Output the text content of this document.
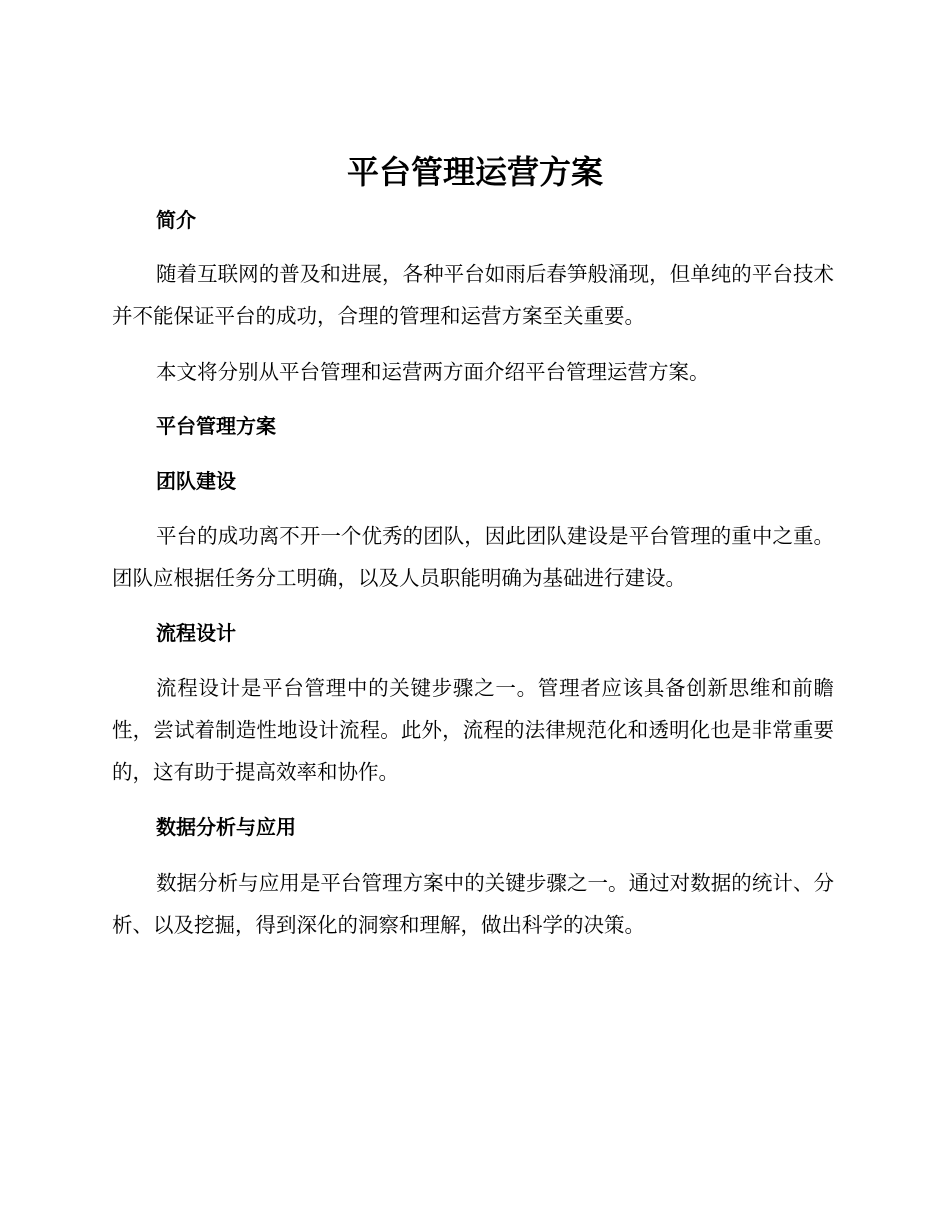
平台管理运营方案
简介

随着互联网的普及和进展，各种平台如雨后春笋般涌现，但单纯的平台技术并不能保证平台的成功，合理的管理和运营方案至关重要。

本文将分别从平台管理和运营两方面介绍平台管理运营方案。

平台管理方案
团队建设

平台的成功离不开一个优秀的团队，因此团队建设是平台管理的重中之重。团队应根据任务分工明确，以及人员职能明确为基础进行建设。

流程设计

流程设计是平台管理中的关键步骤之一。管理者应该具备创新思维和前瞻性，尝试着制造性地设计流程。此外，流程的法律规范化和透明化也是非常重要的，这有助于提高效率和协作。

数据分析与应用

数据分析与应用是平台管理方案中的关键步骤之一。通过对数据的统计、分析、以及挖掘，得到深化的洞察和理解，做出科学的决策。
